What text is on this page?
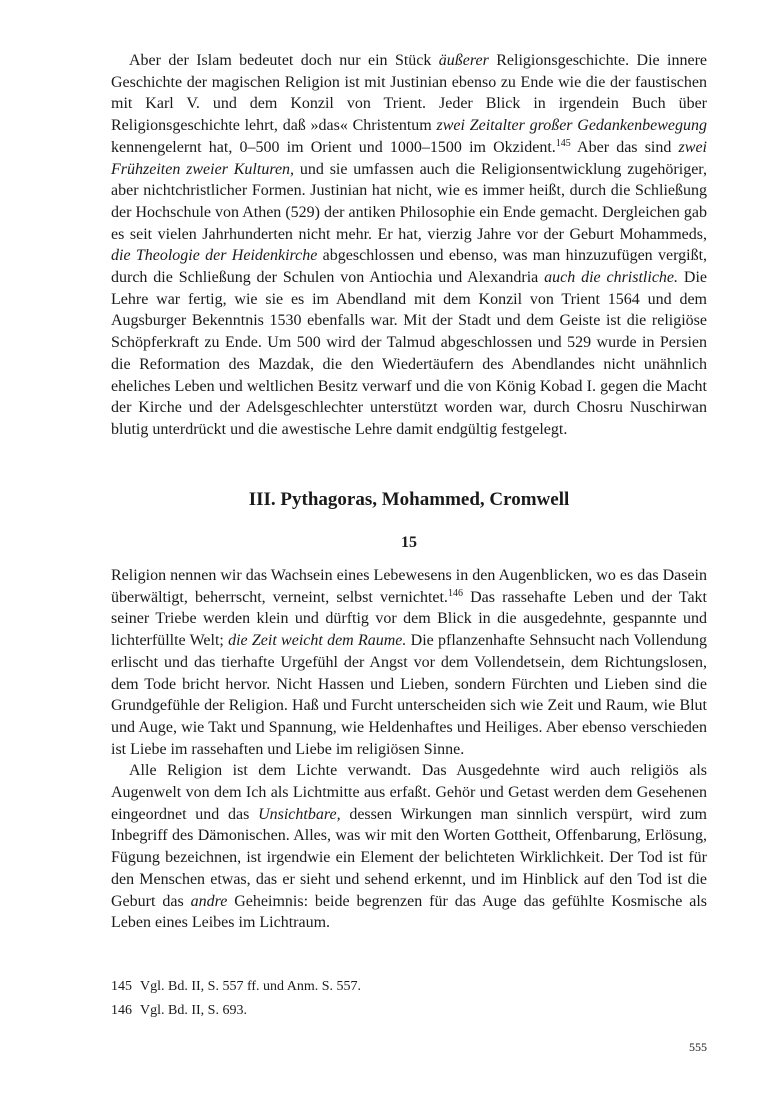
Aber der Islam bedeutet doch nur ein Stück äußerer Religionsgeschichte. Die innere Geschichte der magischen Religion ist mit Justinian ebenso zu Ende wie die der faustischen mit Karl V. und dem Konzil von Trient. Jeder Blick in irgendein Buch über Religionsgeschichte lehrt, daß »das« Christentum zwei Zeitalter großer Gedankenbewegung kennengelernt hat, 0–500 im Orient und 1000–1500 im Okzident.$^{145}$ Aber das sind zwei Frühzeiten zweier Kulturen, und sie umfassen auch die Religionsentwicklung zugehöriger, aber nichtchristlicher Formen. Justinian hat nicht, wie es immer heißt, durch die Schließung der Hochschule von Athen (529) der antiken Philosophie ein Ende gemacht. Dergleichen gab es seit vielen Jahrhunderten nicht mehr. Er hat, vierzig Jahre vor der Geburt Mohammeds, die Theologie der Heidenkirche abgeschlossen und ebenso, was man hinzuzufügen vergißt, durch die Schließung der Schulen von Antiochia und Alexandria auch die christliche. Die Lehre war fertig, wie sie es im Abendland mit dem Konzil von Trient 1564 und dem Augsburger Bekenntnis 1530 ebenfalls war. Mit der Stadt und dem Geiste ist die religiöse Schöpferkraft zu Ende. Um 500 wird der Talmud abgeschlossen und 529 wurde in Persien die Reformation des Mazdak, die den Wiedertäufern des Abendlandes nicht unähnlich eheliches Leben und weltlichen Besitz verwarf und die von König Kobad I. gegen die Macht der Kirche und der Adelsgeschlechter unterstützt worden war, durch Chosru Nuschirwan blutig unterdrückt und die awestische Lehre damit endgültig festgelegt.

III. Pythagoras, Mohammed, Cromwell
15

Religion nennen wir das Wachsein eines Lebewesens in den Augenblicken, wo es das Dasein überwältigt, beherrscht, verneint, selbst vernichtet.$^{146}$ Das rassehafte Leben und der Takt seiner Triebe werden klein und dürftig vor dem Blick in die ausgedehnte, gespannte und lichterfüllte Welt; die Zeit weicht dem Raume. Die pflanzenhafte Sehnsucht nach Vollendung erlischt und das tierhafte Urgefühl der Angst vor dem Vollendetsein, dem Richtungslosen, dem Tode bricht hervor. Nicht Hassen und Lieben, sondern Fürchten und Lieben sind die Grundgefühle der Religion. Haß und Furcht unterscheiden sich wie Zeit und Raum, wie Blut und Auge, wie Takt und Spannung, wie Heldenhaftes und Heiliges. Aber ebenso verschieden ist Liebe im rassehaften und Liebe im religiösen Sinne.

Alle Religion ist dem Lichte verwandt. Das Ausgedehnte wird auch religiös als Augenwelt von dem Ich als Lichtmitte aus erfaßt. Gehör und Getast werden dem Gesehenen eingeordnet und das Unsichtbare, dessen Wirkungen man sinnlich verspürt, wird zum Inbegriff des Dämonischen. Alles, was wir mit den Worten Gottheit, Offenbarung, Erlösung, Fügung bezeichnen, ist irgendwie ein Element der belichteten Wirklichkeit. Der Tod ist für den Menschen etwas, das er sieht und sehend erkennt, und im Hinblick auf den Tod ist die Geburt das andre Geheimnis: beide begrenzen für das Auge das gefühlte Kosmische als Leben eines Leibes im Lichtraum.

145 Vgl. Bd. II, S. 557 ff. und Anm. S. 557.
146 Vgl. Bd. II, S. 693.
555
